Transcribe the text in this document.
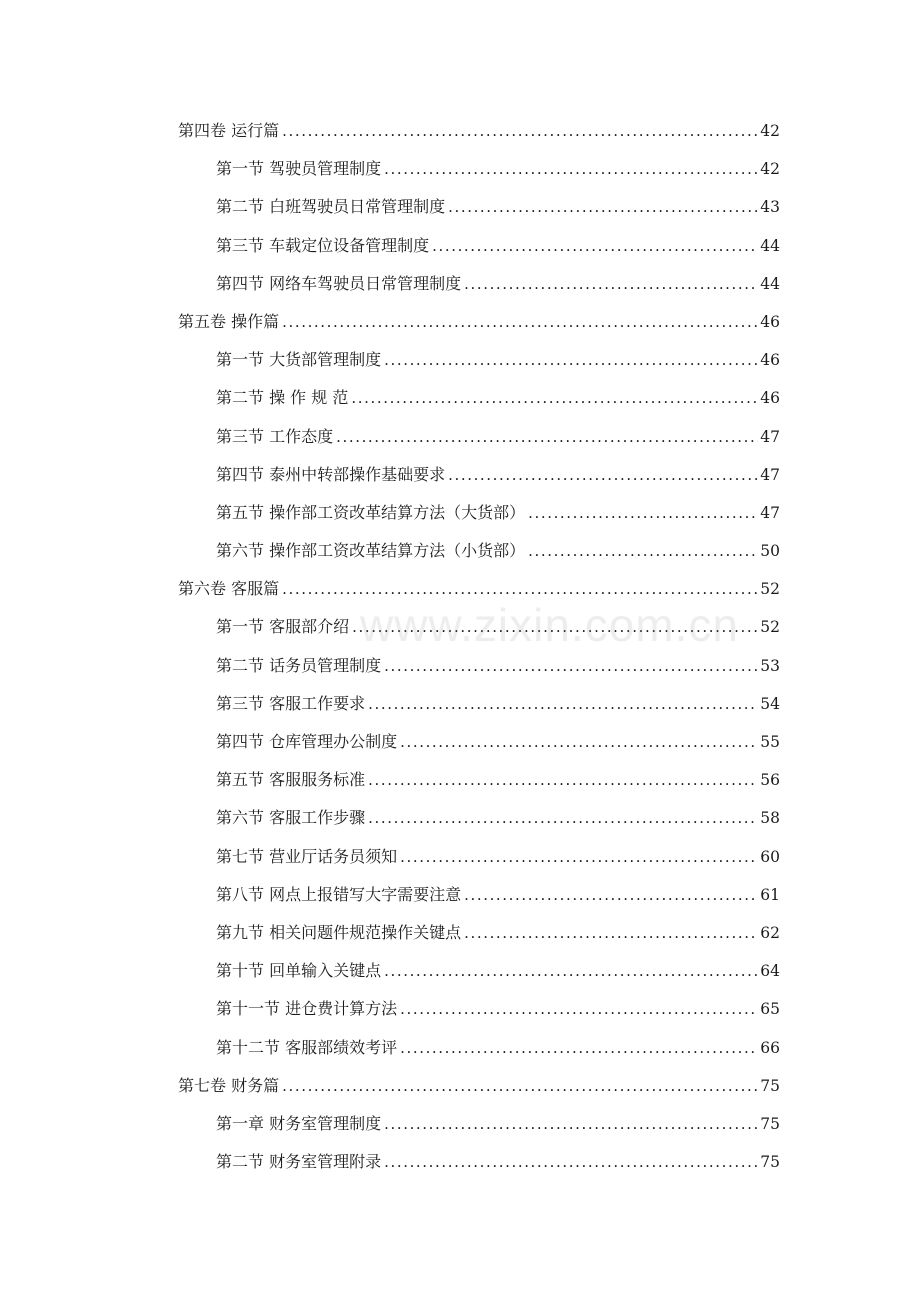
第四卷 运行篇 .....	42
第一节 驾驶员管理制度 .....	42
第二节 白班驾驶员日常管理制度 .....	43
第三节 车载定位设备管理制度 .....	44
第四节 网络车驾驶员日常管理制度 .....	44
第五卷 操作篇 .....	46
第一节 大货部管理制度 .....	46
第二节 操 作 规 范 .....	46
第三节 工作态度 .....	47
第四节 泰州中转部操作基础要求 .....	47
第五节 操作部工资改革结算方法（大货部） .....	47
第六节 操作部工资改革结算方法（小货部） .....	50
第六卷 客服篇 .....	52
第一节 客服部介绍 .....	52
第二节 话务员管理制度 .....	53
第三节 客服工作要求 .....	54
第四节 仓库管理办公制度 .....	55
第五节 客服服务标准 .....	56
第六节 客服工作步骤 .....	58
第七节 营业厅话务员须知 .....	60
第八节 网点上报错写大字需要注意 .....	61
第九节 相关问题件规范操作关键点 .....	62
第十节 回单输入关键点 .....	64
第十一节 进仓费计算方法 .....	65
第十二节 客服部绩效考评 .....	66
第七卷 财务篇 .....	75
第一章 财务室管理制度 .....	75
第二节 财务室管理附录 .....	75
www.zixin.com.cn
